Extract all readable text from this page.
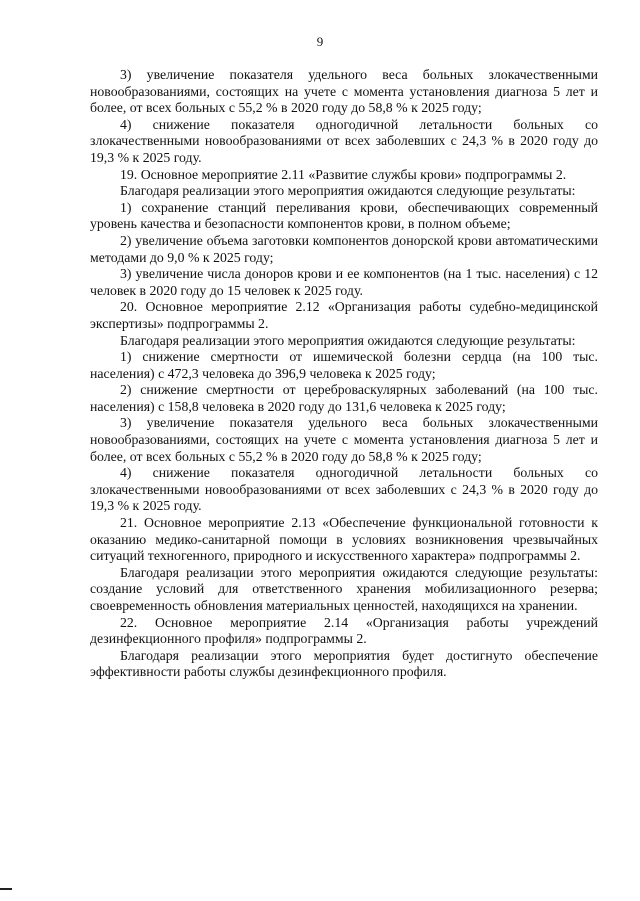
9

3) увеличение показателя удельного веса больных злокачественными новообразованиями, состоящих на учете с момента установления диагноза 5 лет и более, от всех больных с 55,2 % в 2020 году до 58,8 % к 2025 году;

4) снижение показателя одногодичной летальности больных со злокачественными новообразованиями от всех заболевших с 24,3 % в 2020 году до 19,3 % к 2025 году.

19. Основное мероприятие 2.11 «Развитие службы крови» подпрограммы 2.

Благодаря реализации этого мероприятия ожидаются следующие результаты:

1) сохранение станций переливания крови, обеспечивающих современный уровень качества и безопасности компонентов крови, в полном объеме;

2) увеличение объема заготовки компонентов донорской крови автоматическими методами до 9,0 % к 2025 году;

3) увеличение числа доноров крови и ее компонентов (на 1 тыс. населения) с 12 человек в 2020 году до 15 человек к 2025 году.

20. Основное мероприятие 2.12 «Организация работы судебно-медицинской экспертизы» подпрограммы 2.

Благодаря реализации этого мероприятия ожидаются следующие результаты:

1) снижение смертности от ишемической болезни сердца (на 100 тыс. населения) с 472,3 человека до 396,9 человека к 2025 году;

2) снижение смертности от цереброваскулярных заболеваний (на 100 тыс. населения) с 158,8 человека в 2020 году до 131,6 человека к 2025 году;

3) увеличение показателя удельного веса больных злокачественными новообразованиями, состоящих на учете с момента установления диагноза 5 лет и более, от всех больных с 55,2 % в 2020 году до 58,8 % к 2025 году;

4) снижение показателя одногодичной летальности больных со злокачественными новообразованиями от всех заболевших с 24,3 % в 2020 году до 19,3 % к 2025 году.

21. Основное мероприятие 2.13 «Обеспечение функциональной готовности к оказанию медико-санитарной помощи в условиях возникновения чрезвычайных ситуаций техногенного, природного и искусственного характера» подпрограммы 2.

Благодаря реализации этого мероприятия ожидаются следующие результаты: создание условий для ответственного хранения мобилизационного резерва; своевременность обновления материальных ценностей, находящихся на хранении.

22. Основное мероприятие 2.14 «Организация работы учреждений дезинфекционного профиля» подпрограммы 2.

Благодаря реализации этого мероприятия будет достигнуто обеспечение эффективности работы службы дезинфекционного профиля.
